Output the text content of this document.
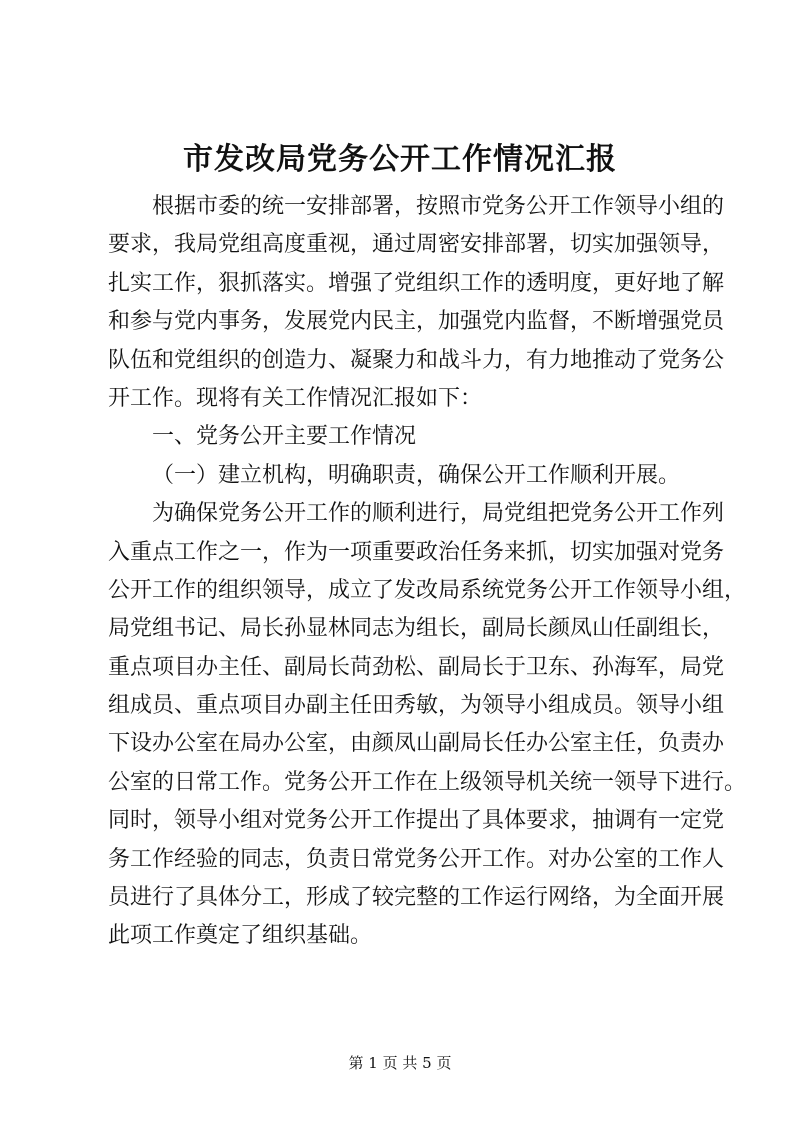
市发改局党务公开工作情况汇报
根据市委的统一安排部署，按照市党务公开工作领导小组的
要求，我局党组高度重视，通过周密安排部署，切实加强领导，
扎实工作，狠抓落实。增强了党组织工作的透明度，更好地了解
和参与党内事务，发展党内民主，加强党内监督，不断增强党员
队伍和党组织的创造力、凝聚力和战斗力，有力地推动了党务公
开工作。现将有关工作情况汇报如下：
一、党务公开主要工作情况
（一）建立机构，明确职责，确保公开工作顺利开展。
为确保党务公开工作的顺利进行，局党组把党务公开工作列
入重点工作之一，作为一项重要政治任务来抓，切实加强对党务
公开工作的组织领导，成立了发改局系统党务公开工作领导小组，
局党组书记、局长孙显林同志为组长，副局长颜凤山任副组长，
重点项目办主任、副局长苘劲松、副局长于卫东、孙海军，局党
组成员、重点项目办副主任田秀敏，为领导小组成员。领导小组
下设办公室在局办公室，由颜凤山副局长任办公室主任，负责办
公室的日常工作。党务公开工作在上级领导机关统一领导下进行。
同时，领导小组对党务公开工作提出了具体要求，抽调有一定党
务工作经验的同志，负责日常党务公开工作。对办公室的工作人
员进行了具体分工，形成了较完整的工作运行网络，为全面开展
此项工作奠定了组织基础。
第 1 页 共 5 页
